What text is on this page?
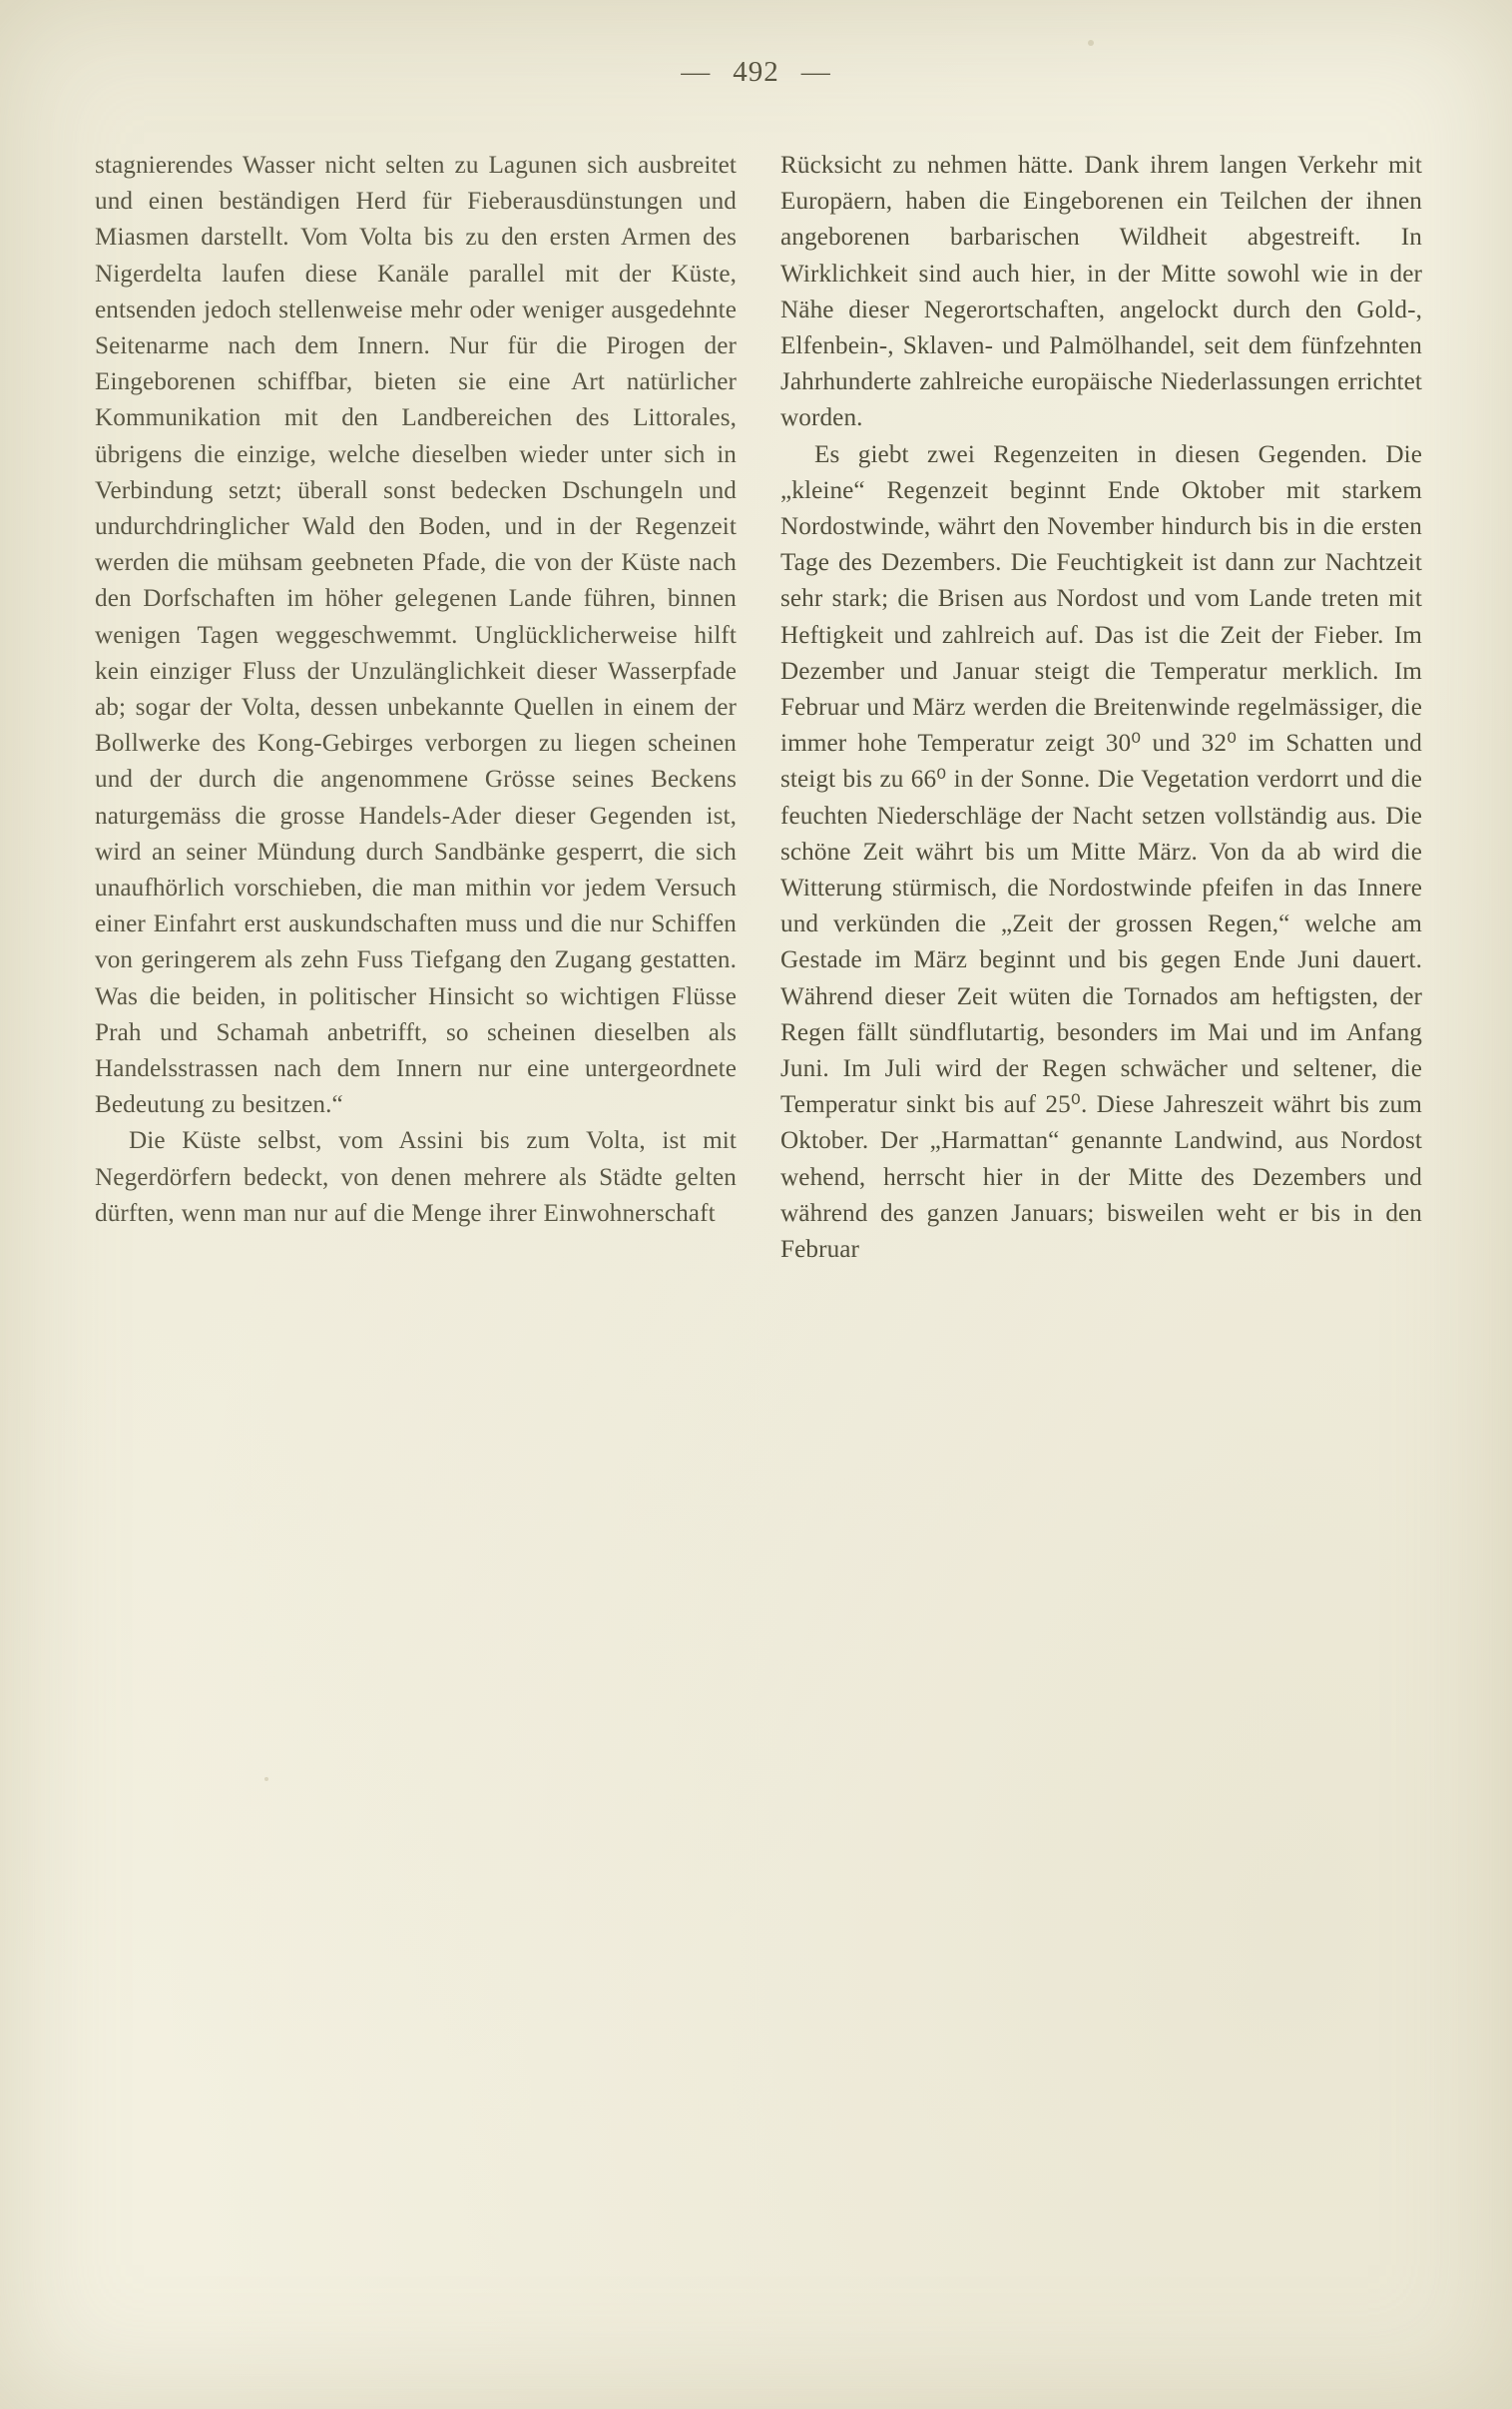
— 492 —

stagnierendes Wasser nicht selten zu Lagunen sich ausbreitet und einen beständigen Herd für Fieberausdünstungen und Miasmen darstellt. Vom Volta bis zu den ersten Armen des Nigerdelta laufen diese Kanäle parallel mit der Küste, entsenden jedoch stellenweise mehr oder weniger ausgedehnte Seitenarme nach dem Innern. Nur für die Pirogen der Eingeborenen schiffbar, bieten sie eine Art natürlicher Kommunikation mit den Landbereichen des Littorales, übrigens die einzige, welche dieselben wieder unter sich in Verbindung setzt; überall sonst bedecken Dschungeln und undurchdringlicher Wald den Boden, und in der Regenzeit werden die mühsam geebneten Pfade, die von der Küste nach den Dorfschaften im höher gelegenen Lande führen, binnen wenigen Tagen weggeschwemmt. Unglücklicherweise hilft kein einziger Fluss der Unzulänglichkeit dieser Wasserpfade ab; sogar der Volta, dessen unbekannte Quellen in einem der Bollwerke des Kong-Gebirges verborgen zu liegen scheinen und der durch die angenommene Grösse seines Beckens naturgemäss die grosse Handels-Ader dieser Gegenden ist, wird an seiner Mündung durch Sandbänke gesperrt, die sich unaufhörlich vorschieben, die man mithin vor jedem Versuch einer Einfahrt erst auskundschaften muss und die nur Schiffen von geringerem als zehn Fuss Tiefgang den Zugang gestatten. Was die beiden, in politischer Hinsicht so wichtigen Flüsse Prah und Schamah anbetrifft, so scheinen dieselben als Handelsstrassen nach dem Innern nur eine untergeordnete Bedeutung zu besitzen.“

Die Küste selbst, vom Assini bis zum Volta, ist mit Negerdörfern bedeckt, von denen mehrere als Städte gelten dürften, wenn man nur auf die Menge ihrer Einwohnerschaft

Rücksicht zu nehmen hätte. Dank ihrem langen Verkehr mit Europäern, haben die Eingeborenen ein Teilchen der ihnen angeborenen barbarischen Wildheit abgestreift. In Wirklichkeit sind auch hier, in der Mitte sowohl wie in der Nähe dieser Negerortschaften, angelockt durch den Gold-, Elfenbein-, Sklaven- und Palmölhandel, seit dem fünfzehnten Jahrhunderte zahlreiche europäische Niederlassungen errichtet worden.

Es giebt zwei Regenzeiten in diesen Gegenden. Die „kleine“ Regenzeit beginnt Ende Oktober mit starkem Nordostwinde, währt den November hindurch bis in die ersten Tage des Dezembers. Die Feuchtigkeit ist dann zur Nachtzeit sehr stark; die Brisen aus Nordost und vom Lande treten mit Heftigkeit und zahlreich auf. Das ist die Zeit der Fieber. Im Dezember und Januar steigt die Temperatur merklich. Im Februar und März werden die Breitenwinde regelmässiger, die immer hohe Temperatur zeigt 30⁰ und 32⁰ im Schatten und steigt bis zu 66⁰ in der Sonne. Die Vegetation verdorrt und die feuchten Niederschläge der Nacht setzen vollständig aus. Die schöne Zeit währt bis um Mitte März. Von da ab wird die Witterung stürmisch, die Nordostwinde pfeifen in das Innere und verkünden die „Zeit der grossen Regen,“ welche am Gestade im März beginnt und bis gegen Ende Juni dauert. Während dieser Zeit wüten die Tornados am heftigsten, der Regen fällt sündflutartig, besonders im Mai und im Anfang Juni. Im Juli wird der Regen schwächer und seltener, die Temperatur sinkt bis auf 25⁰. Diese Jahreszeit währt bis zum Oktober. Der „Harmattan“ genannte Landwind, aus Nordost wehend, herrscht hier in der Mitte des Dezembers und während des ganzen Januars; bisweilen weht er bis in den Februar
